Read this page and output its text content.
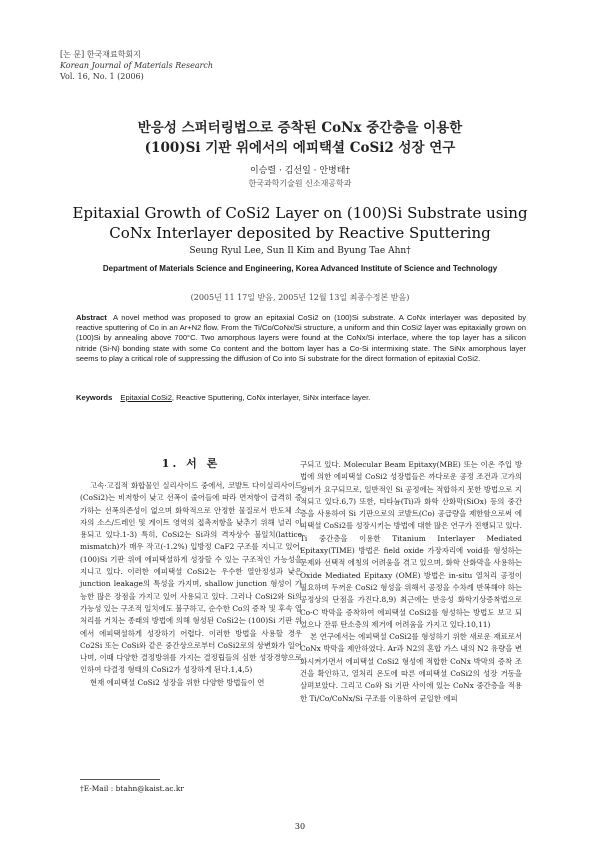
[논 문] 한국재료학회지
Korean Journal of Materials Research
Vol. 16, No. 1 (2006)
반응성 스퍼터링법으로 증착된 CoNx 중간층을 이용한
(100)Si 기판 위에서의 에피택셜 CoSi2 성장 연구
이승렬 · 김선일 · 안병태†
한국과학기술원 신소재공학과
Epitaxial Growth of CoSi2 Layer on (100)Si Substrate using
CoNx Interlayer deposited by Reactive Sputtering
Seung Ryul Lee, Sun Il Kim and Byung Tae Ahn†
Department of Materials Science and Engineering, Korea Advanced Institute of Science and Technology
(2005년 11 17일 받음, 2005년 12월 13일 최종수정본 받음)
Abstract A novel method was proposed to grow an epitaxial CoSi2 on (100)Si substrate. A CoNx interlayer was deposited by reactive sputtering of Co in an Ar+N2 flow. From the Ti/Co/CoNx/Si structure, a uniform and thin CoSi2 layer was epitaxially grown on (100)Si by annealing above 700°C. Two amorphous layers were found at the CoNx/Si interface, where the top layer has a silicon nitride (Si-N) bonding state with some Co content and the bottom layer has a Co-Si intermixing state. The SiNx amorphous layer seems to play a critical role of suppressing the diffusion of Co into Si substrate for the direct formation of epitaxial CoSi2.
Keywords Epitaxial CoSi2, Reactive Sputtering, CoNx interlayer, SiNx interface layer.
1. 서 론

고속·고집적 화합물인 실리사이드 중에서, 코발트 다이실리사이드(CoSi2)는 비저항이 낮고 선폭이 줄어들에 따라 면저항이 급격히 증가하는 선폭의존성이 없으며 화학적으로 안정한 물질로서 반도체 소자의 소스/드레인 및 게이트 영역의 접촉저항을 낮추기 위해 널리 이용되고 있다.1-3) 특히, CoSi2는 Si과의 격자상수 불일치(lattice mismatch)가 매우 작고(-1.2%) 입방정 CaF2 구조를 지니고 있어, (100)Si 기판 위에 에피택셜하게 성장할 수 있는 구조적인 가능성을 지니고 있다. 이러한 에피택셜 CoSi2는 우수한 열안정성과 낮은 junction leakage의 특성을 가지며, shallow junction 형성이 가능한 많은 장점을 가지고 있어 사용되고 있다. 그러나 CoSi2와 Si의 가능성 있는 구조적 일치에도 불구하고, 순수한 Co의 증착 및 후속 열처리를 거치는 종래의 방법에 의해 형성된 CoSi2는 (100)Si 기판 위에서 에피택셜하게 성장하기 어렵다. 이러한 방법을 사용할 경우 Co2Si 또는 CoSi와 같은 중간상으로부터 CoSi2로의 상변화가 일어나며, 이때 다양한 결정방위를 가지는 결정립들의 심한 성장경향으로 인하여 다결정 형태의 CoSi2가 성장하게 된다.1,4,5)

현재 에피택셜 CoSi2 성장을 위한 다양한 방법들이 연

구되고 있다. Molecular Beam Epitaxy(MBE) 또는 이온 주입 방법에 의한 에피택셜 CoSi2 성장법들은 까다로운 공정 조건과 고가의 장비가 요구되므로, 일반적인 Si 공정에는 적합하지 못한 방법으로 지적되고 있다.6,7) 또한, 티타늄(Ti)과 화학 산화막(SiOx) 등의 중간층을 사용하여 Si 기판으로의 코발트(Co) 공급량을 제한함으로써 에피택셜 CoSi2를 성장시키는 방법에 대한 많은 연구가 진행되고 있다. Ti 중간층을 이용한 Titanium Interlayer Mediated Epitaxy(TIME) 방법은 field oxide 가장자리에 void를 형성하는 문제와 선택적 에칭의 어려움을 겪고 있으며, 화학 산화막을 사용하는 Oxide Mediated Epitaxy (OME) 방법은 in-situ 열처리 공정이 필요하며 두꺼운 CoSi2 형성을 위해서 공정을 수차례 반복해야 하는 공정상의 단점을 가진다.8,9) 최근에는 반응성 화학기상증착법으로 Co-C 박막을 증착하여 에피택셜 CoSi2를 형성하는 방법도 보고 되었으나 잔류 탄소층의 제거에 어려움을 가지고 있다.10,11)

본 연구에서는 에피택셜 CoSi2를 형성하기 위한 새로운 재료로서 CoNx 박막을 제안하였다. Ar과 N2의 혼합 가스 내의 N2 유량을 변화시켜가면서 에피택셜 CoSi2 형성에 적합한 CoNx 박막의 증착 조건을 확인하고, 열처리 온도에 따른 에피택셜 CoSi2의 성장 거동을 살펴보았다. 그리고 Co와 Si 기판 사이에 있는 CoNx 중간층을 적용한 Ti/Co/CoNx/Si 구조를 이용하여 균일한 에피

†E-Mail : btahn@kaist.ac.kr
30
